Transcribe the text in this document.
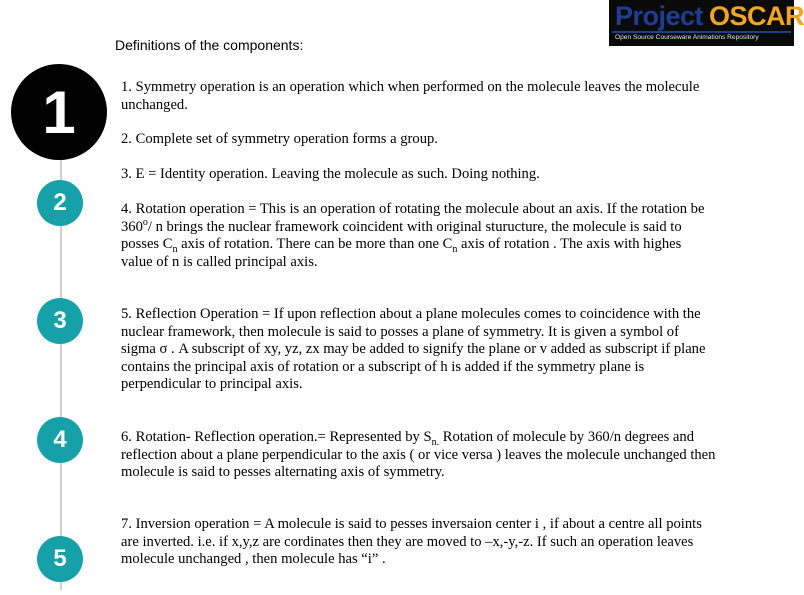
Project OSCAR
Open Source Courseware Animations Repository
Definitions of the components:
1
2
3
4
5
1. Symmetry operation is an operation which when performed on the molecule leaves the molecule unchanged.
2. Complete set of symmetry operation forms a group.
3. E = Identity operation. Leaving the molecule as such. Doing nothing.
4. Rotation operation = This is an operation of rotating the molecule about an axis. If the rotation be 360$^o$/ n brings the nuclear framework coincident with original sturucture, the molecule is said to posses $C_n$ axis of rotation. There can be more than one $C_n$ axis of rotation . The axis with highes value of n is called principal axis.
5. Reflection Operation = If upon reflection about a plane molecules comes to coincidence with the nuclear framework, then molecule is said to posses a plane of symmetry. It is given a symbol of sigma σ . A subscript of xy, yz, zx may be added to signify the plane or v added as subscript if plane contains the principal axis of rotation or a subscript of h is added if the symmetry plane is perpendicular to principal axis.
6. Rotation- Reflection operation.= Represented by $S_{n.}$ Rotation of molecule by 360/n degrees and reflection about a plane perpendicular to the axis ( or vice versa ) leaves the molecule unchanged then molecule is said to pesses alternating axis of symmetry.
7. Inversion operation = A molecule is said to pesses inversaion center i , if about a centre all points are inverted. i.e. if x,y,z are cordinates then they are moved to –x,-y,-z. If such an operation leaves molecule unchanged , then molecule has “i” .
